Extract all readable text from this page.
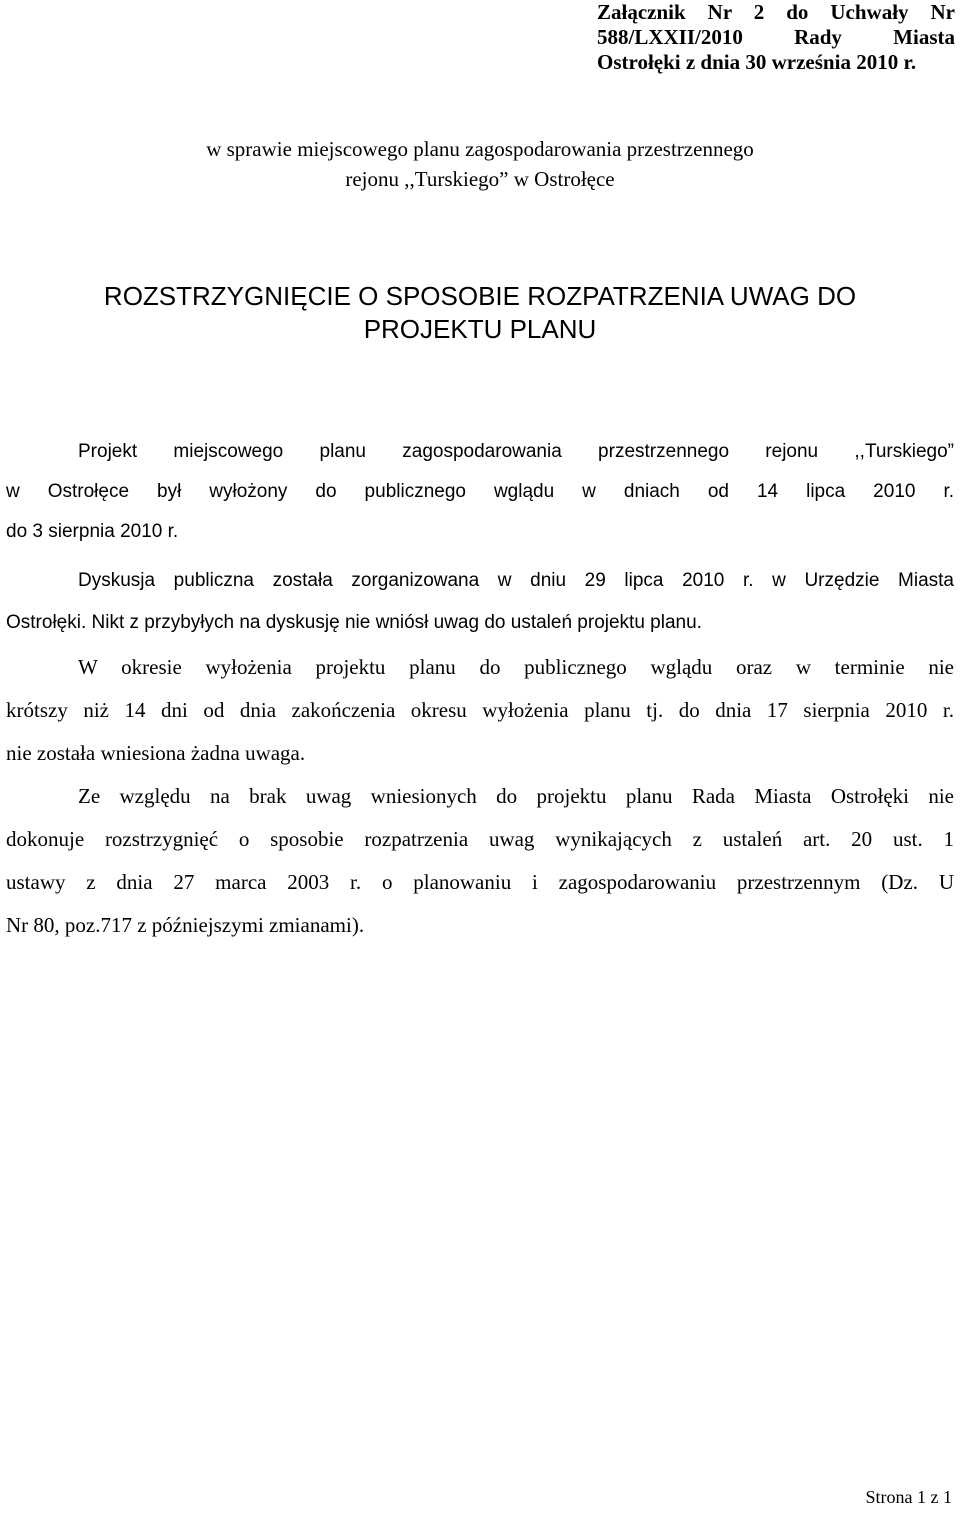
Załącznik Nr 2 do Uchwały Nr
588/LXXII/2010 Rady Miasta
Ostrołęki z dnia 30 września 2010 r.
w sprawie miejscowego planu zagospodarowania przestrzennego
rejonu ,,Turskiego” w Ostrołęce
ROZSTRZYGNIĘCIE O SPOSOBIE ROZPATRZENIA UWAG DO
PROJEKTU PLANU
Projekt miejscowego planu zagospodarowania przestrzennego rejonu ,,Turskiego”
w Ostrołęce był wyłożony do publicznego wglądu w dniach od 14 lipca 2010 r.
do 3 sierpnia 2010 r.
Dyskusja publiczna została zorganizowana w dniu 29 lipca 2010 r. w Urzędzie Miasta
Ostrołęki. Nikt z przybyłych na dyskusję nie wniósł uwag do ustaleń projektu planu.
W okresie wyłożenia projektu planu do publicznego wglądu oraz w terminie nie
krótszy niż 14 dni od dnia zakończenia okresu wyłożenia planu tj. do dnia 17 sierpnia 2010 r.
nie została wniesiona żadna uwaga.
Ze względu na brak uwag wniesionych do projektu planu Rada Miasta Ostrołęki nie
dokonuje rozstrzygnięć o sposobie rozpatrzenia uwag wynikających z ustaleń art. 20 ust. 1
ustawy z dnia 27 marca 2003 r. o planowaniu i zagospodarowaniu przestrzennym (Dz. U
Nr 80, poz.717 z późniejszymi zmianami).
Strona 1 z 1
